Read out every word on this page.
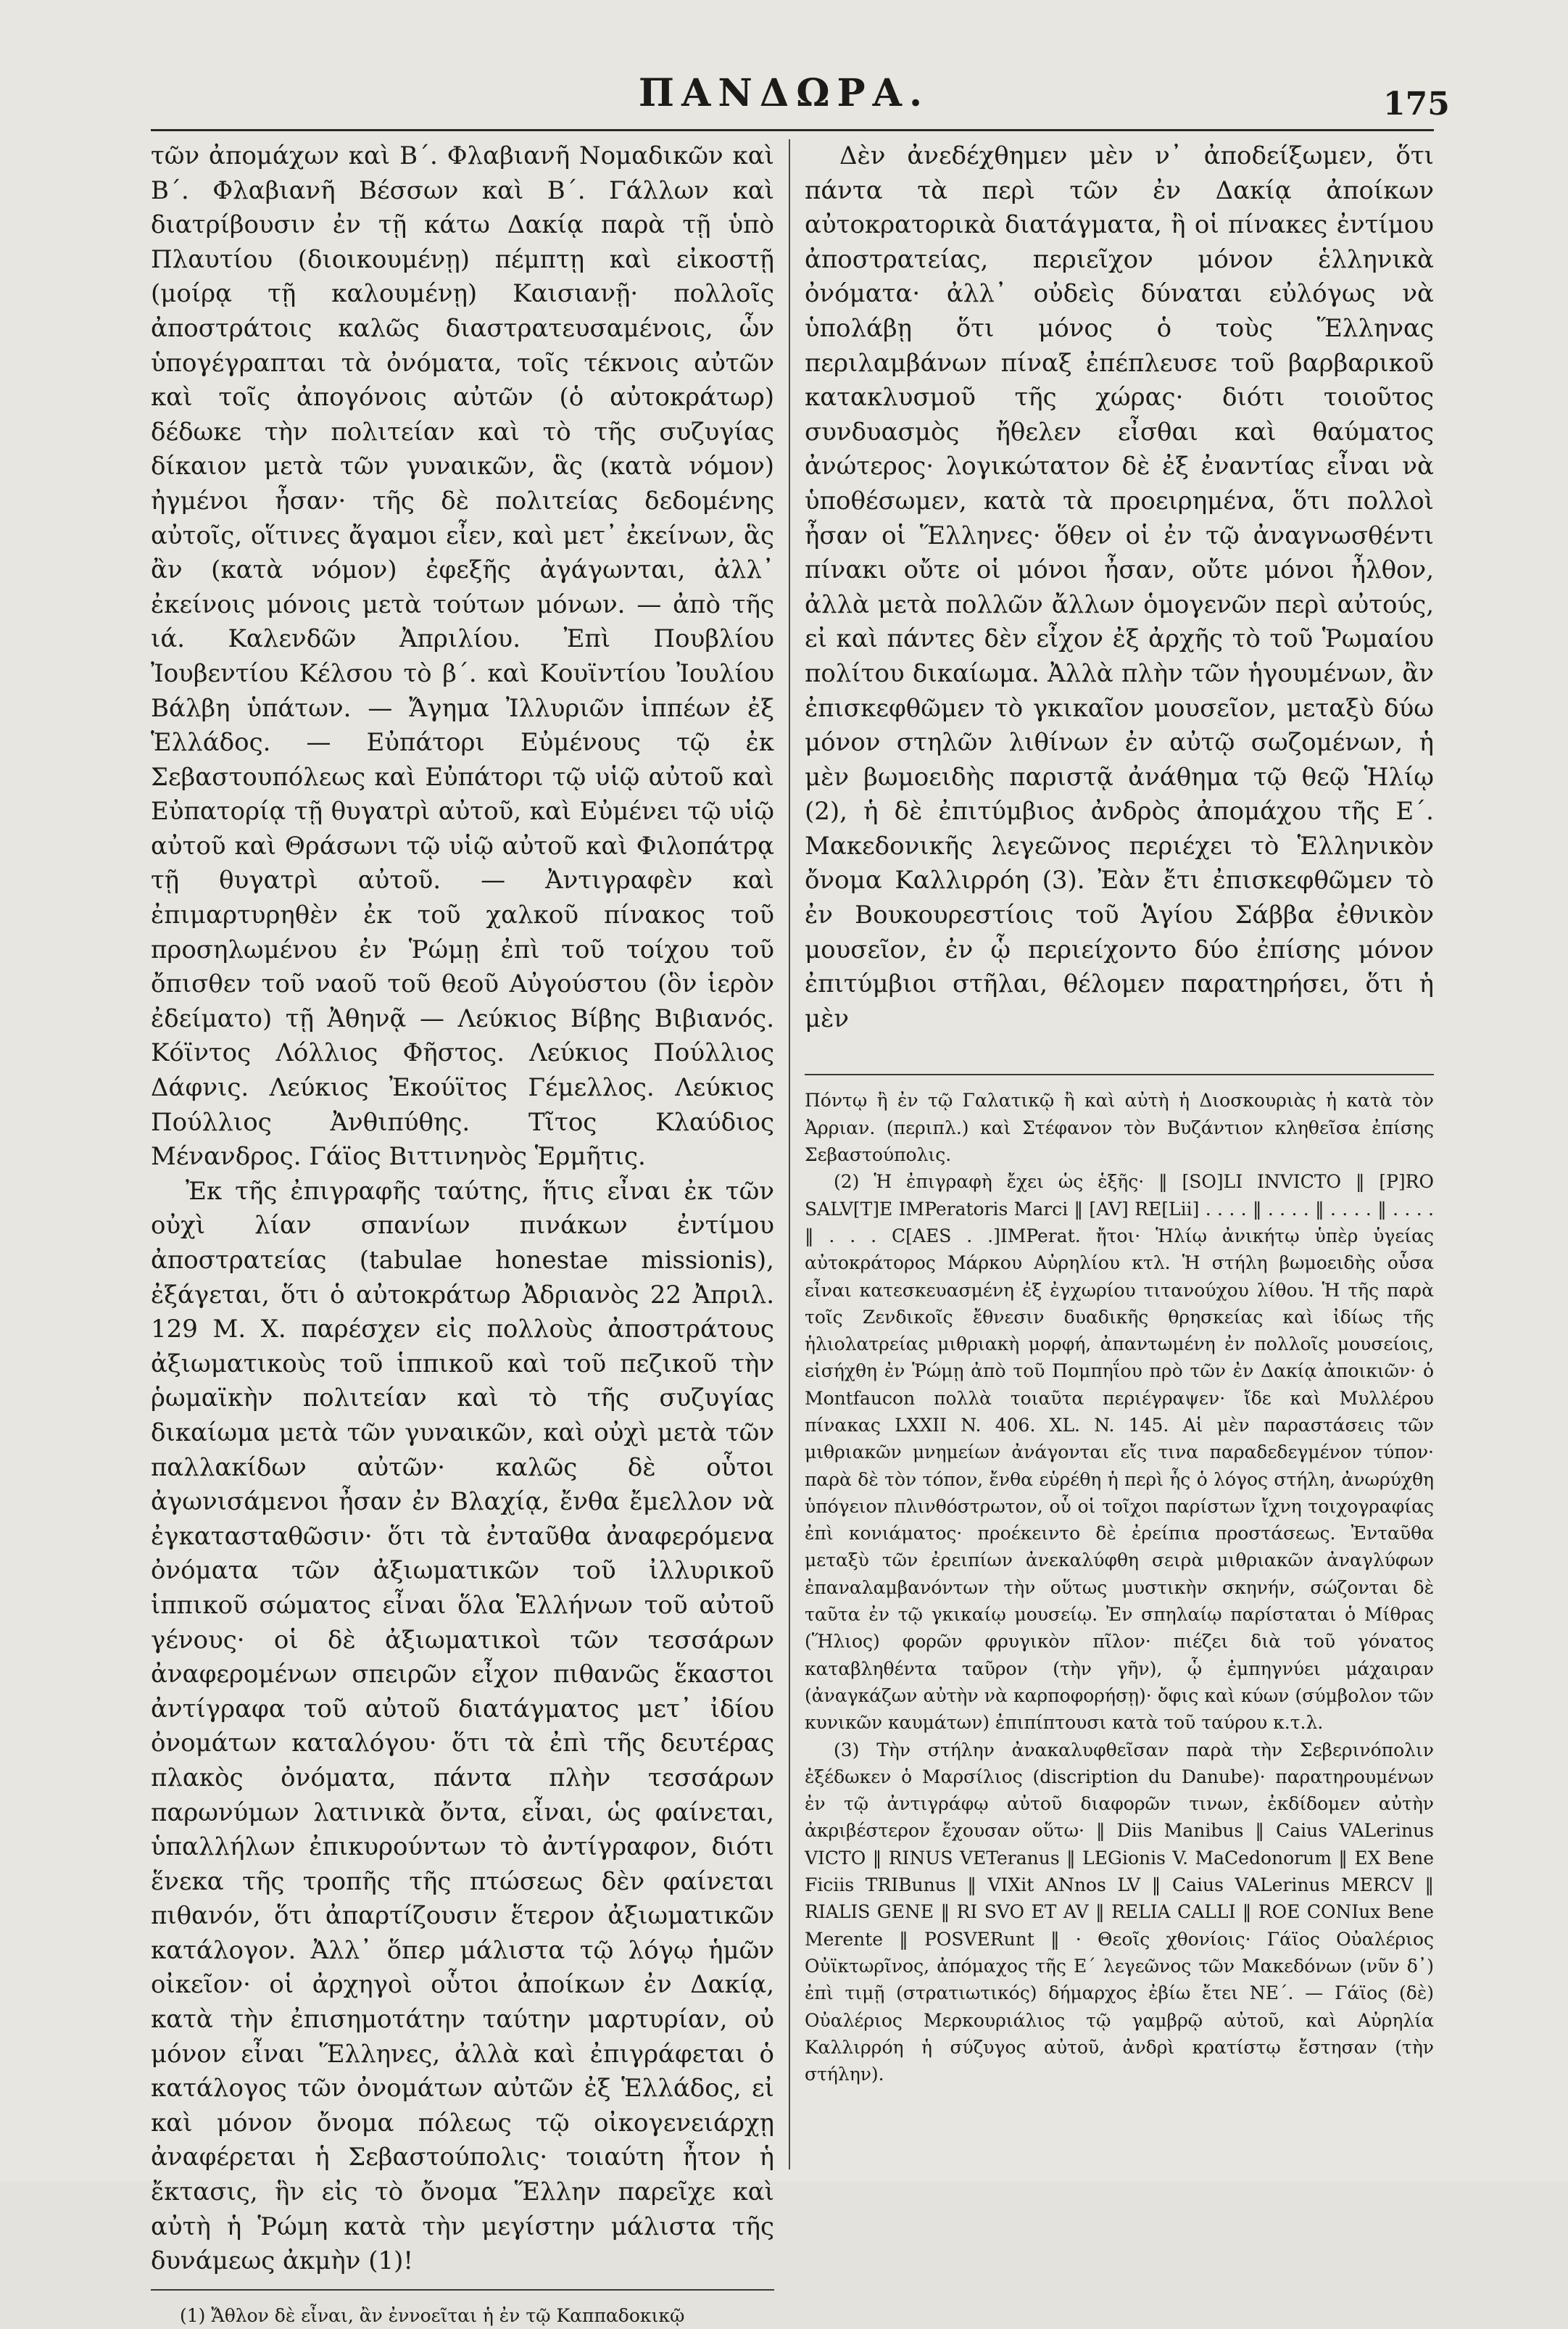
ΠΑΝΔΩΡΑ.	175

τῶν ἀπομάχων καὶ Β΄. Φλαβιανῆ Νομαδικῶν καὶ Β΄. Φλαβιανῆ Βέσσων καὶ Β΄. Γάλλων καὶ διατρίβουσιν ἐν τῇ κάτω Δακίᾳ παρὰ τῇ ὑπὸ Πλαυτίου (διοικουμένῃ) πέμπτῃ καὶ εἰκοστῇ (μοίρᾳ τῇ καλουμένῃ) Καισιανῇ· πολλοῖς ἀποστράτοις καλῶς διαστρατευσαμένοις, ὧν ὑπογέγραπται τὰ ὀνόματα, τοῖς τέκνοις αὐτῶν καὶ τοῖς ἀπογόνοις αὐτῶν (ὁ αὐτοκράτωρ) δέδωκε τὴν πολιτείαν καὶ τὸ τῆς συζυγίας δίκαιον μετὰ τῶν γυναικῶν, ἃς (κατὰ νόμον) ἠγμένοι ἦσαν· τῆς δὲ πολιτείας δεδομένης αὐτοῖς, οἵτινες ἄγαμοι εἶεν, καὶ μετ᾽ ἐκείνων, ἃς ἂν (κατὰ νόμον) ἐφεξῆς ἀγάγωνται, ἀλλ᾽ ἐκείνοις μόνοις μετὰ τούτων μόνων. — ἀπὸ τῆς ιά. Καλενδῶν Ἀπριλίου. Ἐπὶ Πουβλίου Ἰουβεντίου Κέλσου τὸ β΄. καὶ Κουϊντίου Ἰουλίου Βάλβη ὑπάτων. — Ἄγημα Ἰλλυριῶν ἱππέων ἐξ Ἑλλάδος. — Εὐπάτορι Εὐμένους τῷ ἐκ Σεβαστουπόλεως καὶ Εὐπάτορι τῷ υἱῷ αὐτοῦ καὶ Εὐπατορίᾳ τῇ θυγατρὶ αὐτοῦ, καὶ Εὐμένει τῷ υἱῷ αὐτοῦ καὶ Θράσωνι τῷ υἱῷ αὐτοῦ καὶ Φιλοπάτρᾳ τῇ θυγατρὶ αὐτοῦ. — Ἀντιγραφὲν καὶ ἐπιμαρτυρηθὲν ἐκ τοῦ χαλκοῦ πίνακος τοῦ προσηλωμένου ἐν Ῥώμῃ ἐπὶ τοῦ τοίχου τοῦ ὄπισθεν τοῦ ναοῦ τοῦ θεοῦ Αὐγούστου (ὃν ἱερὸν ἐδείματο) τῇ Ἀθηνᾷ — Λεύκιος Βίβης Βιβιανός. Κόϊντος Λόλλιος Φῆστος. Λεύκιος Πούλλιος Δάφνις. Λεύκιος Ἐκούϊτος Γέμελλος. Λεύκιος Πούλλιος Ἀνθιπύθης. Τῖτος Κλαύδιος Μένανδρος. Γάϊος Βιττινηνὸς Ἑρμῆτις.

Ἐκ τῆς ἐπιγραφῆς ταύτης, ἥτις εἶναι ἐκ τῶν οὐχὶ λίαν σπανίων πινάκων ἐντίμου ἀποστρατείας (tabulae honestae missionis), ἐξάγεται, ὅτι ὁ αὐτοκράτωρ Ἀδριανὸς 22 Ἀπριλ. 129 Μ. Χ. παρέσχεν εἰς πολλοὺς ἀποστράτους ἀξιωματικοὺς τοῦ ἱππικοῦ καὶ τοῦ πεζικοῦ τὴν ῥωμαϊκὴν πολιτείαν καὶ τὸ τῆς συζυγίας δικαίωμα μετὰ τῶν γυναικῶν, καὶ οὐχὶ μετὰ τῶν παλλακίδων αὐτῶν· καλῶς δὲ οὗτοι ἀγωνισάμενοι ἦσαν ἐν Βλαχίᾳ, ἔνθα ἔμελλον νὰ ἐγκατασταθῶσιν· ὅτι τὰ ἐνταῦθα ἀναφερόμενα ὀνόματα τῶν ἀξιωματικῶν τοῦ ἰλλυρικοῦ ἱππικοῦ σώματος εἶναι ὅλα Ἑλλήνων τοῦ αὐτοῦ γένους· οἱ δὲ ἀξιωματικοὶ τῶν τεσσάρων ἀναφερομένων σπειρῶν εἶχον πιθανῶς ἕκαστοι ἀντίγραφα τοῦ αὐτοῦ διατάγματος μετ᾽ ἰδίου ὀνομάτων καταλόγου· ὅτι τὰ ἐπὶ τῆς δευτέρας πλακὸς ὀνόματα, πάντα πλὴν τεσσάρων παρωνύμων λατινικὰ ὄντα, εἶναι, ὡς φαίνεται, ὑπαλλήλων ἐπικυρούντων τὸ ἀντίγραφον, διότι ἕνεκα τῆς τροπῆς τῆς πτώσεως δὲν φαίνεται πιθανόν, ὅτι ἀπαρτίζουσιν ἕτερον ἀξιωματικῶν κατάλογον. Ἀλλ᾽ ὅπερ μάλιστα τῷ λόγῳ ἡμῶν οἰκεῖον· οἱ ἀρχηγοὶ οὗτοι ἀποίκων ἐν Δακίᾳ, κατὰ τὴν ἐπισημοτάτην ταύτην μαρτυρίαν, οὐ μόνον εἶναι Ἕλληνες, ἀλλὰ καὶ ἐπιγράφεται ὁ κατάλογος τῶν ὀνομάτων αὐτῶν ἐξ Ἑλλάδος, εἰ καὶ μόνον ὄνομα πόλεως τῷ οἰκογενειάρχῃ ἀναφέρεται ἡ Σεβαστούπολις· τοιαύτη ἦτον ἡ ἔκτασις, ἣν εἰς τὸ ὄνομα Ἕλλην παρεῖχε καὶ αὐτὴ ἡ Ῥώμη κατὰ τὴν μεγίστην μάλιστα τῆς δυνάμεως ἀκμὴν (1)!

(1) Ἄθλον δὲ εἶναι, ἂν ἐννοεῖται ἡ ἐν τῷ Καππαδοκικῷ

Δὲν ἀνεδέχθημεν μὲν ν᾽ ἀποδείξωμεν, ὅτι πάντα τὰ περὶ τῶν ἐν Δακίᾳ ἀποίκων αὐτοκρατορικὰ διατάγματα, ἢ οἱ πίνακες ἐντίμου ἀποστρατείας, περιεῖχον μόνον ἑλληνικὰ ὀνόματα· ἀλλ᾽ οὐδεὶς δύναται εὐλόγως νὰ ὑπολάβῃ ὅτι μόνος ὁ τοὺς Ἕλληνας περιλαμβάνων πίναξ ἐπέπλευσε τοῦ βαρβαρικοῦ κατακλυσμοῦ τῆς χώρας· διότι τοιοῦτος συνδυασμὸς ἤθελεν εἶσθαι καὶ θαύματος ἀνώτερος· λογικώτατον δὲ ἐξ ἐναντίας εἶναι νὰ ὑποθέσωμεν, κατὰ τὰ προειρημένα, ὅτι πολλοὶ ἦσαν οἱ Ἕλληνες· ὅθεν οἱ ἐν τῷ ἀναγνωσθέντι πίνακι οὔτε οἱ μόνοι ἦσαν, οὔτε μόνοι ἦλθον, ἀλλὰ μετὰ πολλῶν ἄλλων ὁμογενῶν περὶ αὐτούς, εἰ καὶ πάντες δὲν εἶχον ἐξ ἀρχῆς τὸ τοῦ Ῥωμαίου πολίτου δικαίωμα. Ἀλλὰ πλὴν τῶν ἡγουμένων, ἂν ἐπισκεφθῶμεν τὸ γκικαῖον μουσεῖον, μεταξὺ δύω μόνον στηλῶν λιθίνων ἐν αὐτῷ σωζομένων, ἡ μὲν βωμοειδὴς παριστᾷ ἀνάθημα τῷ θεῷ Ἡλίῳ (2), ἡ δὲ ἐπιτύμβιος ἀνδρὸς ἀπομάχου τῆς Ε΄. Μακεδονικῆς λεγεῶνος περιέχει τὸ Ἑλληνικὸν ὄνομα Καλλιρρόη (3). Ἐὰν ἔτι ἐπισκεφθῶμεν τὸ ἐν Βουκουρεστίοις τοῦ Ἁγίου Σάββα ἐθνικὸν μουσεῖον, ἐν ᾧ περιείχοντο δύο ἐπίσης μόνον ἐπιτύμβιοι στῆλαι, θέλομεν παρατηρήσει, ὅτι ἡ μὲν

Πόντῳ ἢ ἐν τῷ Γαλατικῷ ἢ καὶ αὐτὴ ἡ Διοσκουριὰς ἡ κατὰ τὸν Ἀρριαν. (περιπλ.) καὶ Στέφανον τὸν Βυζάντιον κληθεῖσα ἐπίσης Σεβαστούπολις.

(2) Ἡ ἐπιγραφὴ ἔχει ὡς ἑξῆς· ‖ [SO]LI INVICTO ‖ [P]RO SALV[T]E IMPeratoris Marci ‖ [AV] RE[Lii] . . . . ‖ . . . . ‖ . . . . ‖ . . . . ‖ . . . C[AES . .]IMPerat. ἤτοι· Ἡλίῳ ἀνικήτῳ ὑπὲρ ὑγείας αὐτοκράτορος Μάρκου Αὐρηλίου κτλ. Ἡ στήλη βωμοειδὴς οὖσα εἶναι κατεσκευασμένη ἐξ ἐγχωρίου τιτανούχου λίθου. Ἡ τῆς παρὰ τοῖς Ζενδικοῖς ἔθνεσιν δυαδικῆς θρησκείας καὶ ἰδίως τῆς ἡλιολατρείας μιθριακὴ μορφή, ἀπαντωμένη ἐν πολλοῖς μουσείοις, εἰσήχθη ἐν Ῥώμῃ ἀπὸ τοῦ Πομπηΐου πρὸ τῶν ἐν Δακίᾳ ἀποικιῶν· ὁ Montfaucon πολλὰ τοιαῦτα περιέγραψεν· ἴδε καὶ Μυλλέρου πίνακας LXXII N. 406. XL. N. 145. Αἱ μὲν παραστάσεις τῶν μιθριακῶν μνημείων ἀνάγονται εἴς τινα παραδεδεγμένον τύπον· παρὰ δὲ τὸν τόπον, ἔνθα εὑρέθη ἡ περὶ ἧς ὁ λόγος στήλη, ἀνωρύχθη ὑπόγειον πλινθόστρωτον, οὗ οἱ τοῖχοι παρίστων ἴχνη τοιχογραφίας ἐπὶ κονιάματος· προέκειντο δὲ ἐρείπια προστάσεως. Ἐνταῦθα μεταξὺ τῶν ἐρειπίων ἀνεκαλύφθη σειρὰ μιθριακῶν ἀναγλύφων ἐπαναλαμβανόντων τὴν οὕτως μυστικὴν σκηνήν, σώζονται δὲ ταῦτα ἐν τῷ γκικαίῳ μουσείῳ. Ἐν σπηλαίῳ παρίσταται ὁ Μίθρας (Ἥλιος) φορῶν φρυγικὸν πῖλον· πιέζει διὰ τοῦ γόνατος καταβληθέντα ταῦρον (τὴν γῆν), ᾧ ἐμπηγνύει μάχαιραν (ἀναγκάζων αὐτὴν νὰ καρποφορήσῃ)· ὄφις καὶ κύων (σύμβολον τῶν κυνικῶν καυμάτων) ἐπιπίπτουσι κατὰ τοῦ ταύρου κ.τ.λ.

(3) Τὴν στήλην ἀνακαλυφθεῖσαν παρὰ τὴν Σεβερινόπολιν ἐξέδωκεν ὁ Μαρσίλιος (discription du Danube)· παρατηρουμένων ἐν τῷ ἀντιγράφῳ αὐτοῦ διαφορῶν τινων, ἐκδίδομεν αὐτὴν ἀκριβέστερον ἔχουσαν οὕτω· ‖ Diis Manibus ‖ Caius VALerinus VICTO ‖ RINUS VETeranus ‖ LEGionis V. MaCedonorum ‖ EX Bene Ficiis TRIBunus ‖ VIXit ANnos LV ‖ Caius VALerinus MERCV ‖ RIALIS GENE ‖ RI SVO ET AV ‖ RELIA CALLI ‖ ROE CONIux Bene Merente ‖ POSVERunt ‖ · Θεοῖς χθονίοις· Γάϊος Οὐαλέριος Οὐϊκτωρῖνος, ἀπόμαχος τῆς Ε΄ λεγεῶνος τῶν Μακεδόνων (νῦν δ᾽) ἐπὶ τιμῇ (στρατιωτικός) δήμαρχος ἐβίω ἔτει ΝΕ΄. — Γάϊος (δὲ) Οὐαλέριος Μερκουριάλιος τῷ γαμβρῷ αὐτοῦ, καὶ Αὐρηλία Καλλιρρόη ἡ σύζυγος αὐτοῦ, ἀνδρὶ κρατίστῳ ἔστησαν (τὴν στήλην).
